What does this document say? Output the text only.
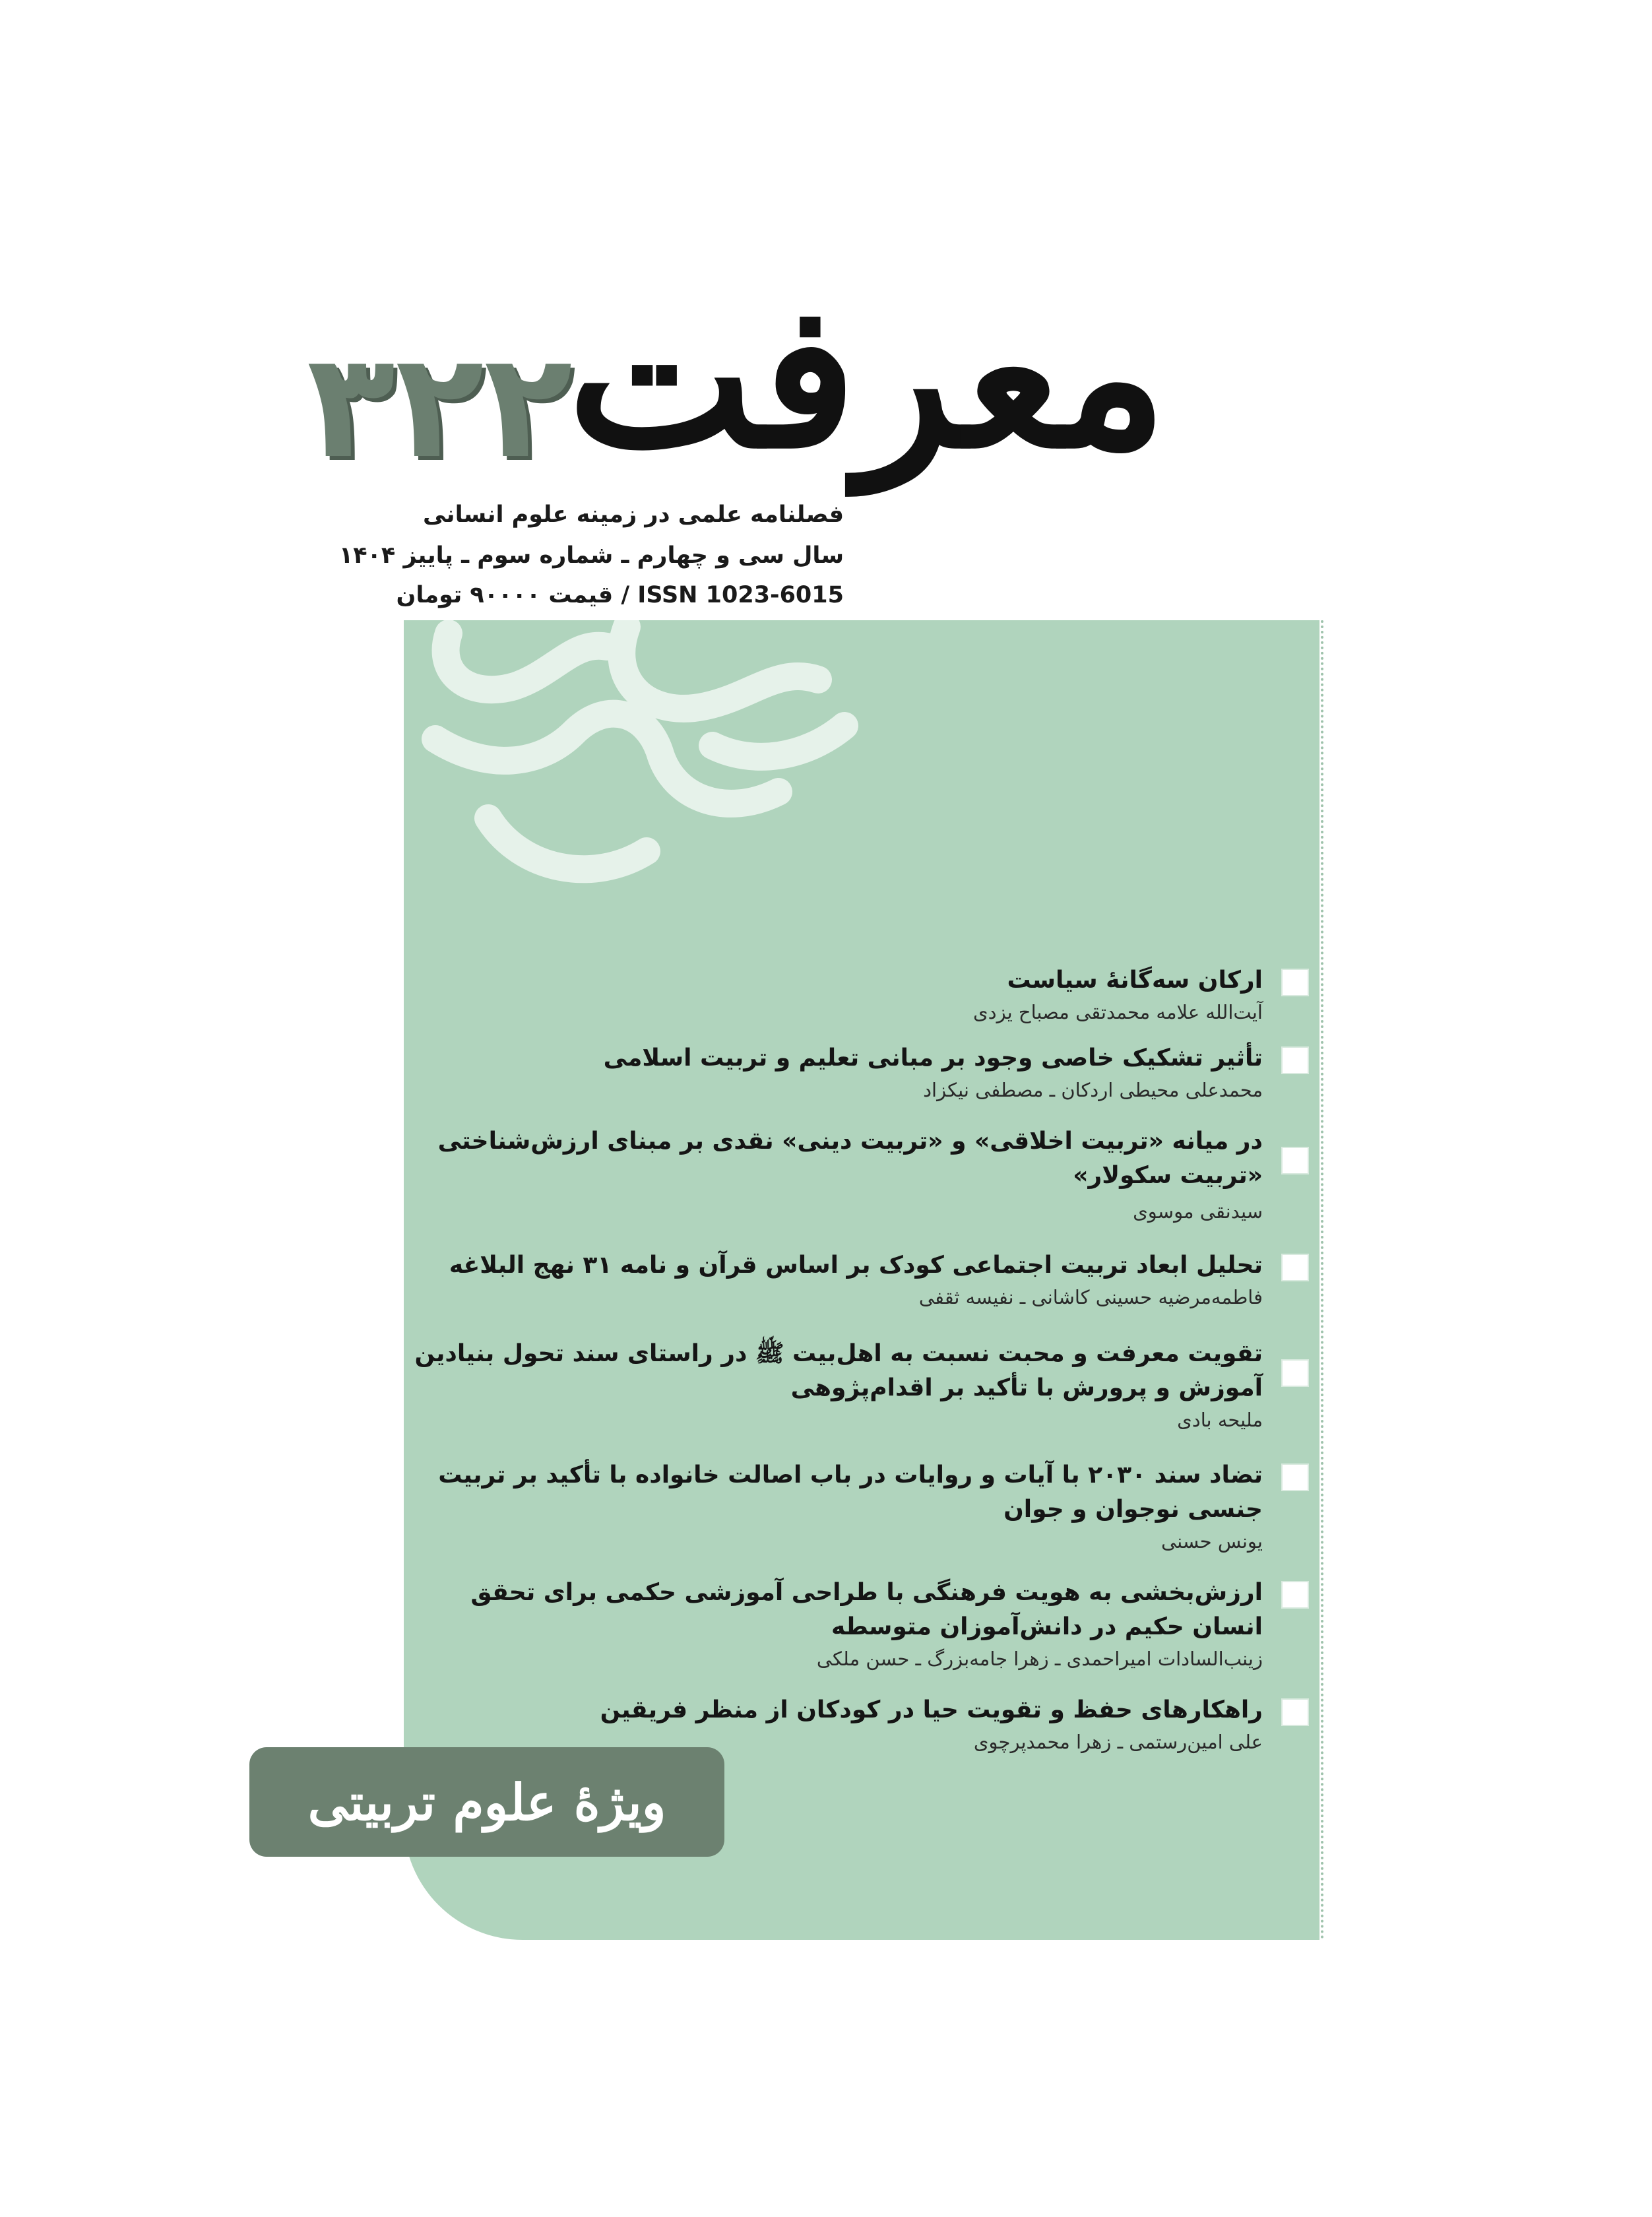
معرفت
۳۲۲
فصلنامه علمی در زمینه علوم انسانی
سال سی و چهارم ـ شماره سوم ـ پاییز ۱۴۰۴
ISSN 1023-6015 / قیمت ۹۰۰۰۰ تومان
ارکان سه‌گانهٔ سیاست
آیت‌الله علامه محمدتقی مصباح یزدی
تأثیر تشکیک خاصی وجود بر مبانی تعلیم و تربیت اسلامی
محمدعلی محیطی اردکان ـ مصطفی نیکزاد
در میانه «تربیت اخلاقی» و «تربیت دینی» نقدی بر مبنای ارزش‌شناختی
«تربیت سکولار»
سیدنقی موسوی
تحلیل ابعاد تربیت اجتماعی کودک بر اساس قرآن و نامه ۳۱ نهج البلاغه
فاطمه‌مرضیه حسینی کاشانی ـ نفیسه ثقفی
تقویت معرفت و محبت نسبت به اهل‌بیت ﷺ در راستای سند تحول بنیادین
آموزش و پرورش با تأکید بر اقدام‌پژوهی
ملیحه بادی
تضاد سند ۲۰۳۰ با آیات و روایات در باب اصالت خانواده با تأکید بر تربیت
جنسی نوجوان و جوان
یونس حسنی
ارزش‌بخشی به هویت فرهنگی با طراحی آموزشی حکمی برای تحقق
انسان حکیم در دانش‌آموزان متوسطه
زینب‌السادات امیراحمدی ـ زهرا جامه‌بزرگ ـ حسن ملکی
راهکارهای حفظ و تقویت حیا در کودکان از منظر فریقین
علی امین‌رستمی ـ زهرا محمدپرچوی
ویژهٔ علوم تربیتی
